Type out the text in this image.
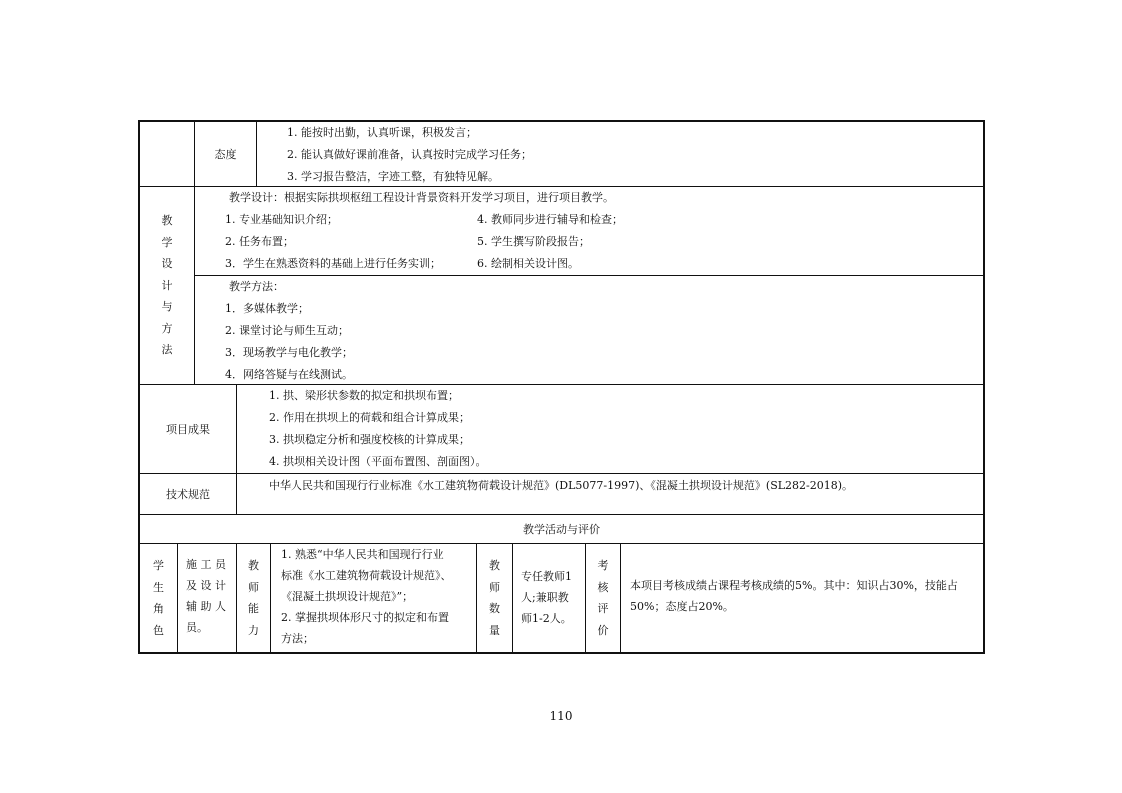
态度
1. 能按时出勤，认真听课，积极发言；
2. 能认真做好课前准备，认真按时完成学习任务；
3. 学习报告整洁，字迹工整，有独特见解。
教
学
设
计
与
方
法
教学设计：根据实际拱坝枢纽工程设计背景资料开发学习项目，进行项目教学。
1. 专业基础知识介绍；
2. 任务布置；
3．学生在熟悉资料的基础上进行任务实训；
4. 教师同步进行辅导和检查；
5. 学生撰写阶段报告；
6. 绘制相关设计图。
教学方法：
1．多媒体教学；
2. 课堂讨论与师生互动；
3．现场教学与电化教学；
4．网络答疑与在线测试。
项目成果
1. 拱、梁形状参数的拟定和拱坝布置；
2. 作用在拱坝上的荷载和组合计算成果；
3. 拱坝稳定分析和强度校核的计算成果；
4. 拱坝相关设计图（平面布置图、剖面图）。
技术规范
中华人民共和国现行行业标准《水工建筑物荷载设计规范》(DL5077-1997)、《混凝土拱坝设计规范》(SL282-2018)。
教学活动与评价
学
生
角
色
施 工 员
及 设 计
辅 助 人
员。
教
师
能
力
1. 熟悉“中华人民共和国现行行业
标准《水工建筑物荷载设计规范》、
《混凝土拱坝设计规范》”；
2. 掌握拱坝体形尺寸的拟定和布置
方法；
教
师
数
量
专任教师1
人;兼职教
师1-2人。
考
核
评
价
本项目考核成绩占课程考核成绩的5%。其中：知识占30%，技能占
50%；态度占20%。
110
